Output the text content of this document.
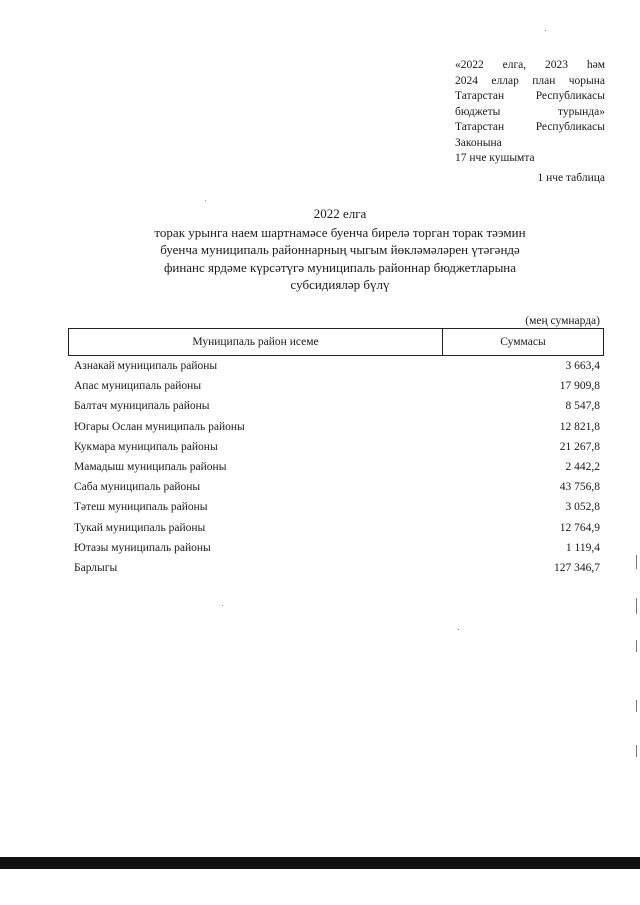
«2022 елга, 2023 һәм
2024 еллар план чорына
Татарстан Республикасы
бюджеты турында»
Татарстан Республикасы
Законына
17 нче кушымта
1 нче таблица
2022 елга
торак урынга наем шартнамәсе буенча бирелә торган торак тәэмин
буенча муниципаль районнарның чыгым йөкләмәләрен үтәгәндә
финанс ярдәме күрсәтүгә муниципаль районнар бюджетларына
субсидияләр бүлү
(мең сумнарда)
Муниципаль район исеме	Суммасы
Азнакай муниципаль районы	3 663,4
Апас муниципаль районы	17 909,8
Балтач муниципаль районы	8 547,8
Югары Ослан муниципаль районы	12 821,8
Кукмара муниципаль районы	21 267,8
Мамадыш муниципаль районы	2 442,2
Саба муниципаль районы	43 756,8
Тәтеш муниципаль районы	3 052,8
Тукай муниципаль районы	12 764,9
Ютазы муниципаль районы	1 119,4
Барлыгы	127 346,7
